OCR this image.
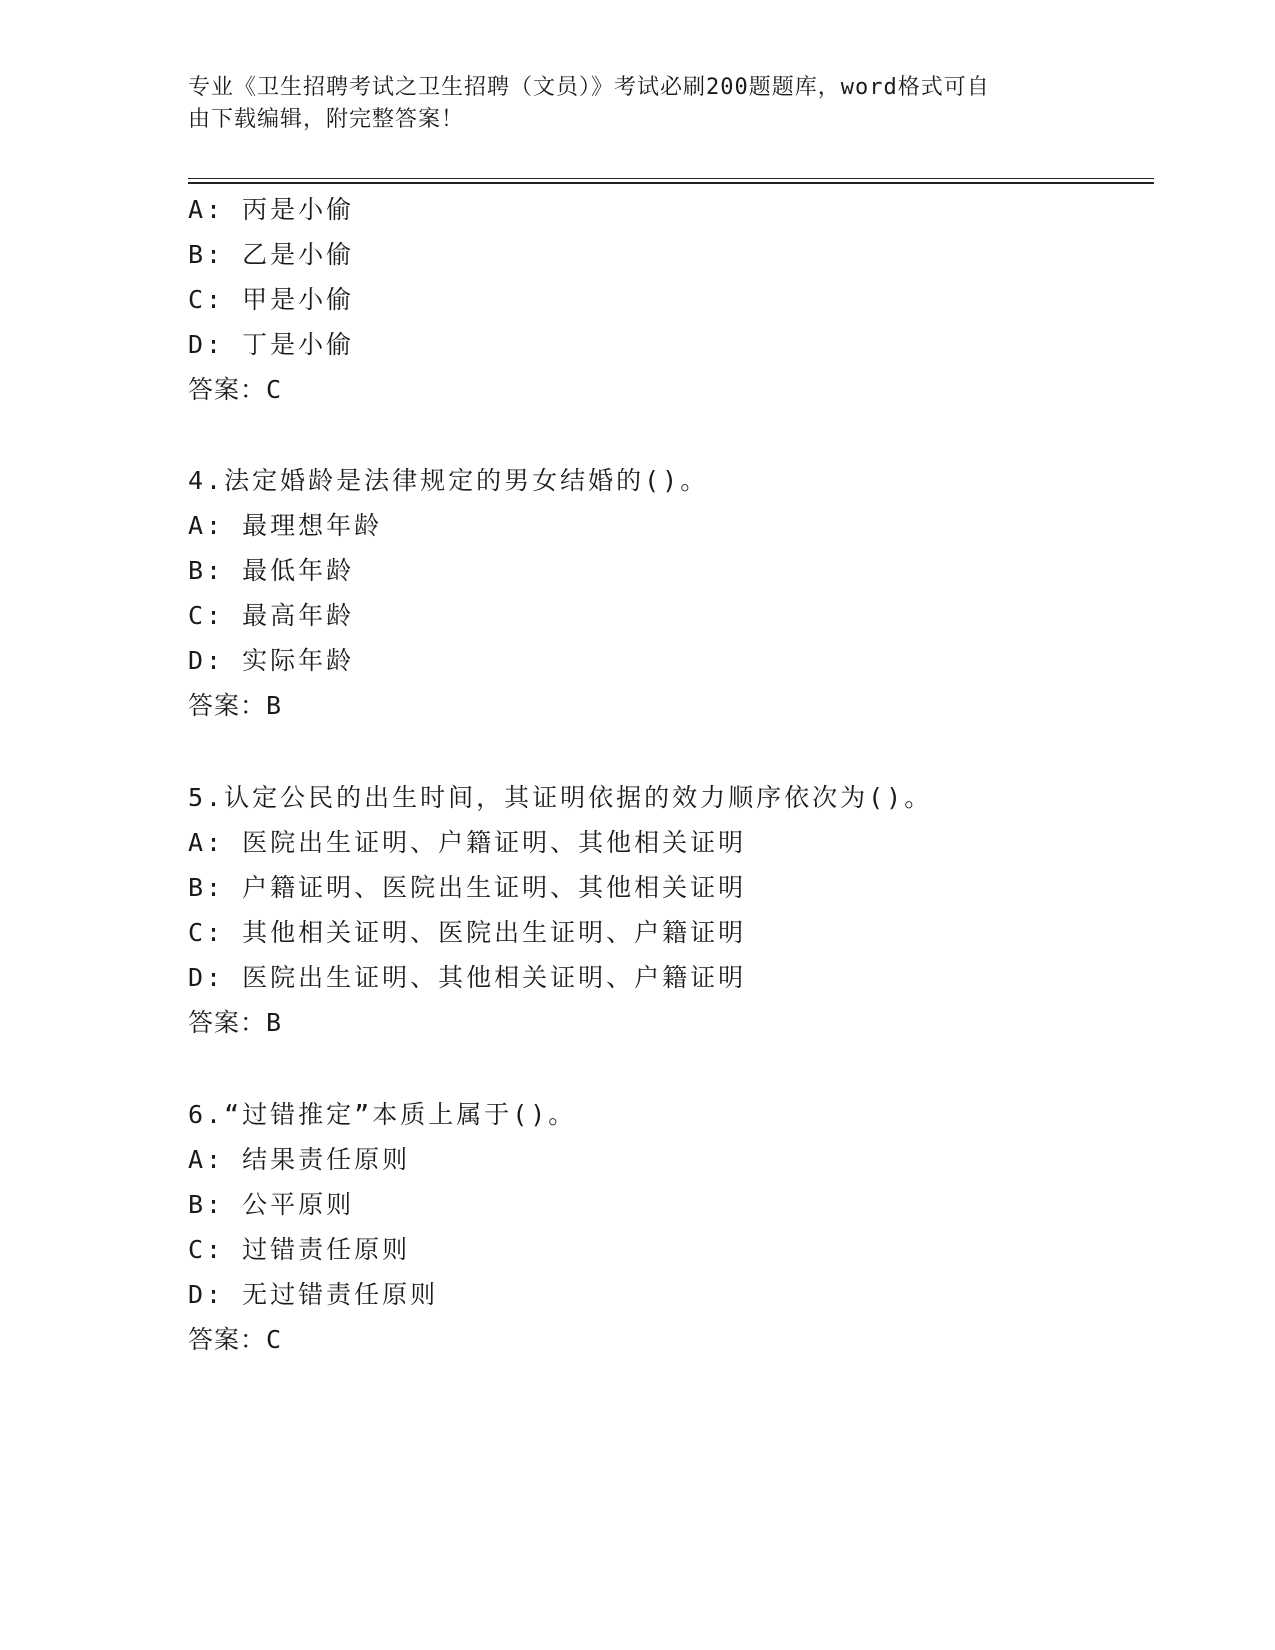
专业《卫生招聘考试之卫生招聘（文员）》考试必刷200题题库，word格式可自
由下载编辑，附完整答案！
A: 丙是小偷
B: 乙是小偷
C: 甲是小偷
D: 丁是小偷
答案：C
4.法定婚龄是法律规定的男女结婚的()。
A: 最理想年龄
B: 最低年龄
C: 最高年龄
D: 实际年龄
答案：B
5.认定公民的出生时间，其证明依据的效力顺序依次为()。
A: 医院出生证明、户籍证明、其他相关证明
B: 户籍证明、医院出生证明、其他相关证明
C: 其他相关证明、医院出生证明、户籍证明
D: 医院出生证明、其他相关证明、户籍证明
答案：B
6.“过错推定”本质上属于()。
A: 结果责任原则
B: 公平原则
C: 过错责任原则
D: 无过错责任原则
答案：C
